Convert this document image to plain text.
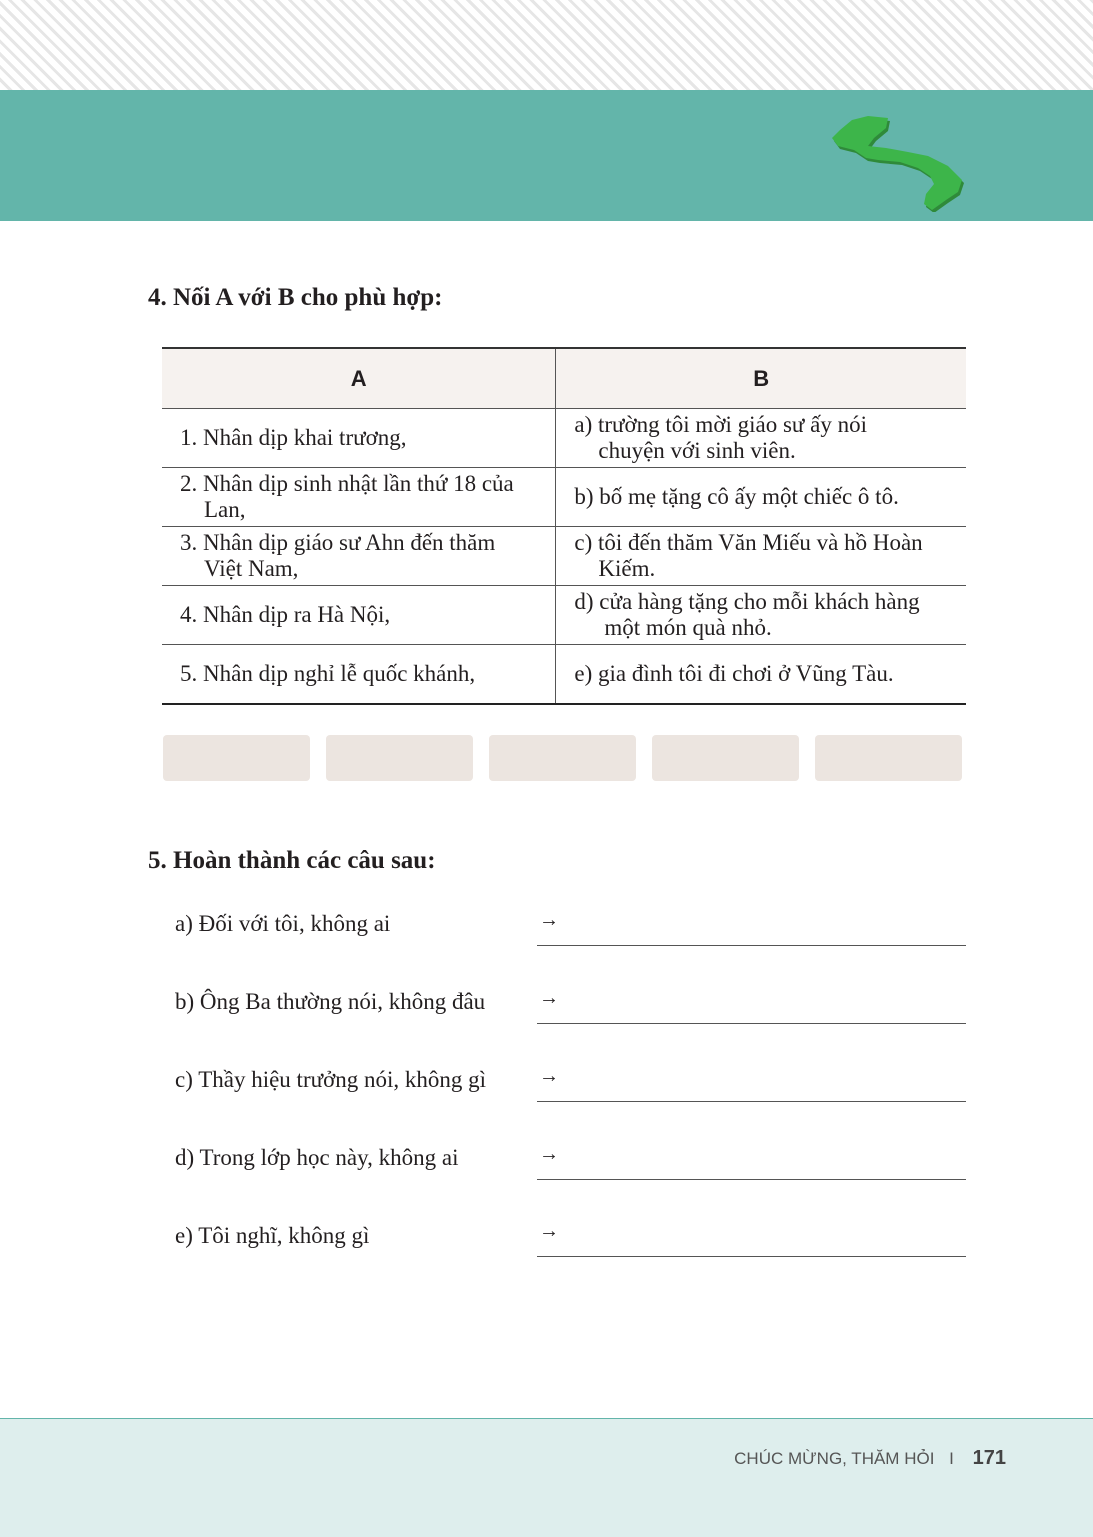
4. Nối A với B cho phù hợp:
A	B
1. Nhân dịp khai trương,	a) trường tôi mời giáo sư ấy nói
chuyện với sinh viên.

2. Nhân dịp sinh nhật lần thứ 18 của
Lan,	b) bố mẹ tặng cô ấy một chiếc ô tô.
3. Nhân dịp giáo sư Ahn đến thăm
Việt Nam,	c) tôi đến thăm Văn Miếu và hồ Hoàn
Kiếm.

4. Nhân dịp ra Hà Nội,	d) cửa hàng tặng cho mỗi khách hàng
một món quà nhỏ.

5. Nhân dịp nghỉ lễ quốc khánh,	e) gia đình tôi đi chơi ở Vũng Tàu.
5. Hoàn thành các câu sau:
a) Đối với tôi, không ai	→
b) Ông Ba thường nói, không đâu	→
c) Thầy hiệu trưởng nói, không gì	→
d) Trong lớp học này, không ai	→
e) Tôi nghĩ, không gì	→
CHÚC MỪNG, THĂM HỎI I 171
